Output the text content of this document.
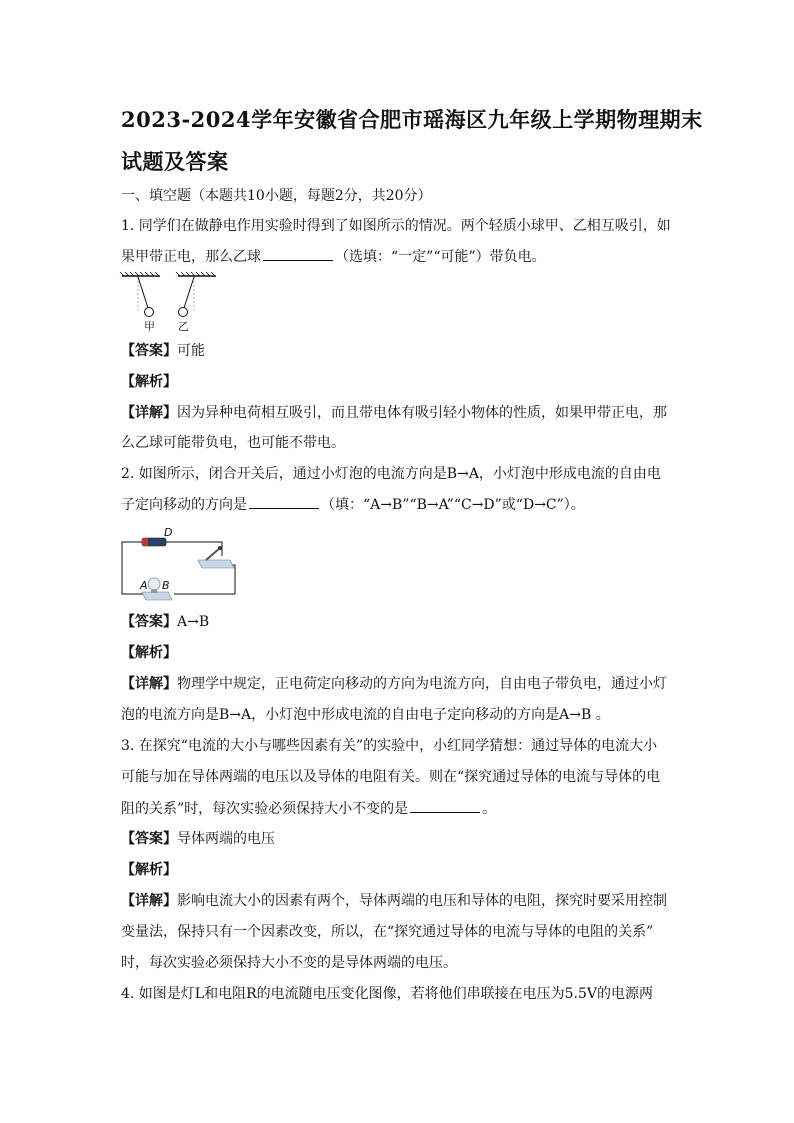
2023-2024学年安徽省合肥市瑶海区九年级上学期物理期末
试题及答案
一、填空题（本题共10小题，每题2分，共20分）
1. 同学们在做静电作用实验时得到了如图所示的情况。两个轻质小球甲、乙相互吸引，如
果甲带正电，那么乙球	（选填：“一定”“可能”）带负电。
甲 乙
【答案】可能
【解析】
【详解】因为异种电荷相互吸引，而且带电体有吸引轻小物体的性质，如果甲带正电，那
么乙球可能带负电，也可能不带电。
2. 如图所示，闭合开关后，通过小灯泡的电流方向是B→A，小灯泡中形成电流的自由电
子定向移动的方向是	（填：“A→B”“B→A”“C→D”或“D→C”）。
D
A B
【答案】A→B
【解析】
【详解】物理学中规定，正电荷定向移动的方向为电流方向，自由电子带负电，通过小灯
泡的电流方向是B→A，小灯泡中形成电流的自由电子定向移动的方向是A→B 。
3. 在探究“电流的大小与哪些因素有关”的实验中，小红同学猜想：通过导体的电流大小
可能与加在导体两端的电压以及导体的电阻有关。则在“探究通过导体的电流与导体的电
阻的关系”时，每次实验必须保持大小不变的是	。
【答案】导体两端的电压
【解析】
【详解】影响电流大小的因素有两个，导体两端的电压和导体的电阻，探究时要采用控制
变量法，保持只有一个因素改变，所以，在“探究通过导体的电流与导体的电阻的关系”
时，每次实验必须保持大小不变的是导体两端的电压。
4. 如图是灯L和电阻R的电流随电压变化图像，若将他们串联接在电压为5.5V的电源两
